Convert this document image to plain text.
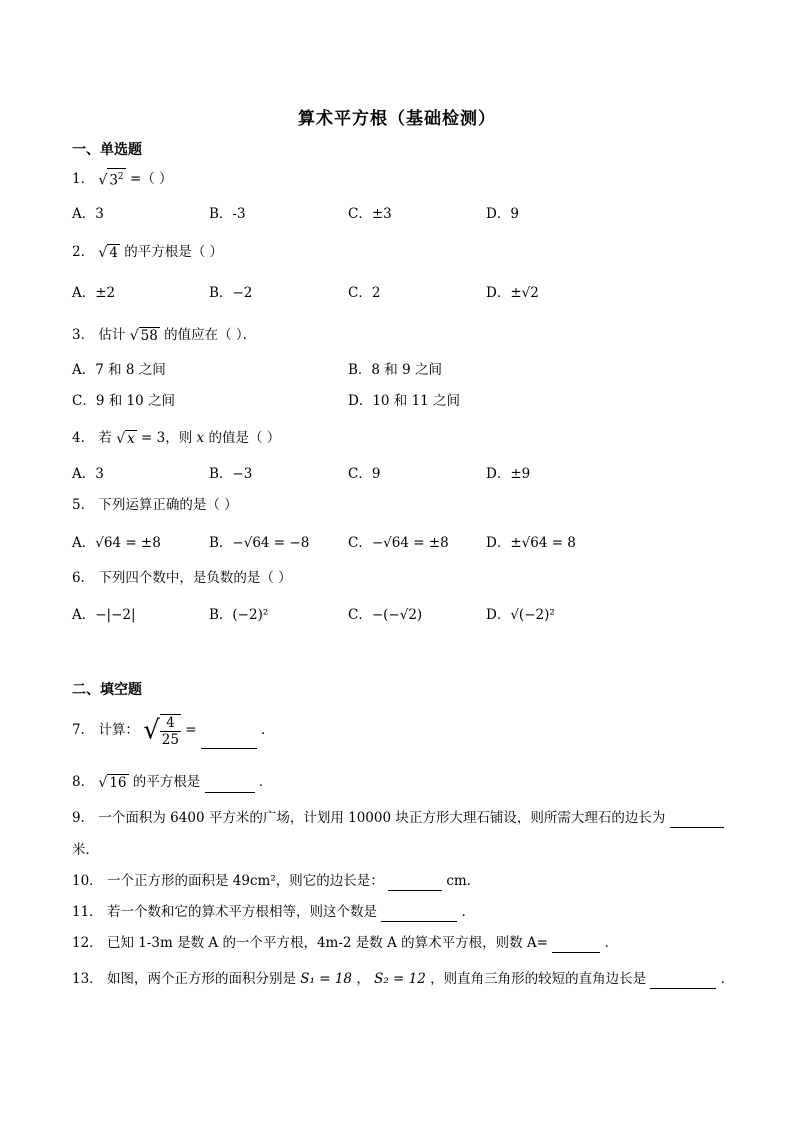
算术平方根（基础检测）
一、单选题
1． √ $3^2$ =（ ）
A．3	B．-3	C．±3	D．9
2． √ 4 的平方根是（ ）
A．±2	B．−2	C．2	D．±√2
3． 估计 √ 58 的值应在（ ）．
A．7 和 8 之间	B．8 和 9 之间
C．9 和 10 之间	D．10 和 11 之间
4． 若 √ x = 3，则 x 的值是（ ）
A．3	B．−3	C．9	D．±9
5． 下列运算正确的是（ ）
A．√64 = ±8	B．−√64 = −8	C．−√64 = ±8	D．±√64 = 8
6． 下列四个数中，是负数的是（ ）
A．−|−2|	B．(−2)²	C．−(−√2)	D．√(−2)²
二、填空题
7． 计算： √ $\frac{4}{25}$ =	．
8． √ 16 的平方根是	．
9． 一个面积为 6400 平方米的广场，计划用 10000 块正方形大理石铺设，则所需大理石的边长为
米．
10． 一个正方形的面积是 49cm²，则它的边长是：	cm．
11． 若一个数和它的算术平方根相等，则这个数是	．
12． 已知 1-3m 是数 A 的一个平方根，4m-2 是数 A 的算术平方根，则数 A=	．
13． 如图，两个正方形的面积分别是 S₁ = 18 ， S₂ = 12 ，则直角三角形的较短的直角边长是	．
